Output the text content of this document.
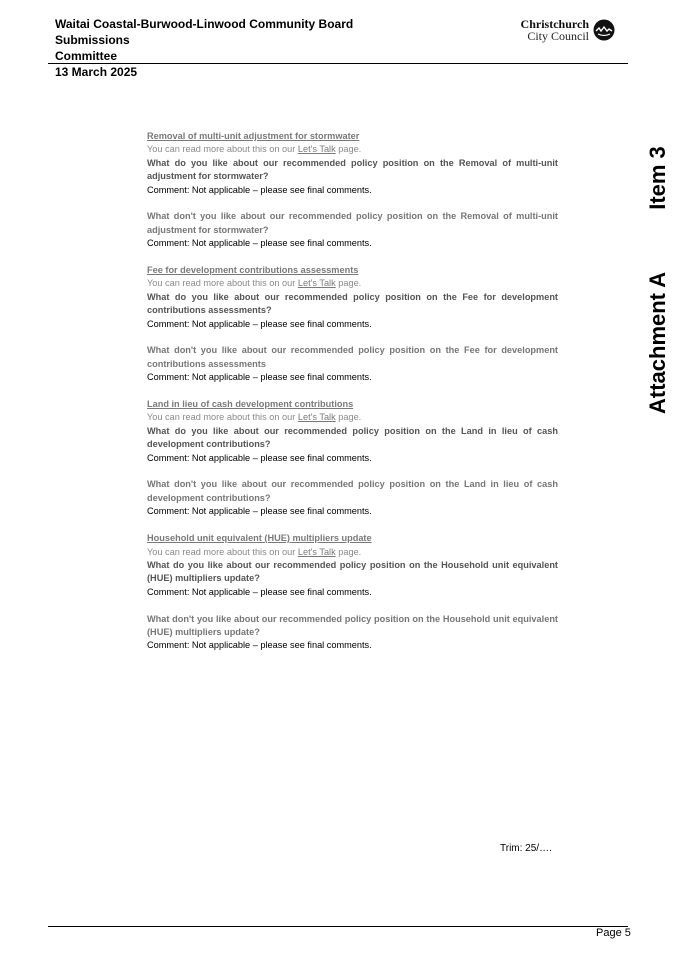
Waitai Coastal-Burwood-Linwood Community Board Submissions
Committee
13 March 2025
Christchurch
City Council
Attachment AItem 3
Removal of multi-unit adjustment for stormwater
You can read more about this on our Let's Talk page.
What do you like about our recommended policy position on the Removal of multi-unit adjustment for stormwater?
Comment: Not applicable – please see final comments.
What don't you like about our recommended policy position on the Removal of multi-unit adjustment for stormwater?
Comment: Not applicable – please see final comments.
Fee for development contributions assessments
You can read more about this on our Let's Talk page.
What do you like about our recommended policy position on the Fee for development contributions assessments?
Comment: Not applicable – please see final comments.
What don't you like about our recommended policy position on the Fee for development contributions assessments
Comment: Not applicable – please see final comments.
Land in lieu of cash development contributions
You can read more about this on our Let's Talk page.
What do you like about our recommended policy position on the Land in lieu of cash development contributions?
Comment: Not applicable – please see final comments.
What don't you like about our recommended policy position on the Land in lieu of cash development contributions?
Comment: Not applicable – please see final comments.
Household unit equivalent (HUE) multipliers update
You can read more about this on our Let's Talk page.
What do you like about our recommended policy position on the Household unit equivalent (HUE) multipliers update?
Comment: Not applicable – please see final comments.
What don't you like about our recommended policy position on the Household unit equivalent (HUE) multipliers update?
Comment: Not applicable – please see final comments.
Trim: 25/….
Page 5
